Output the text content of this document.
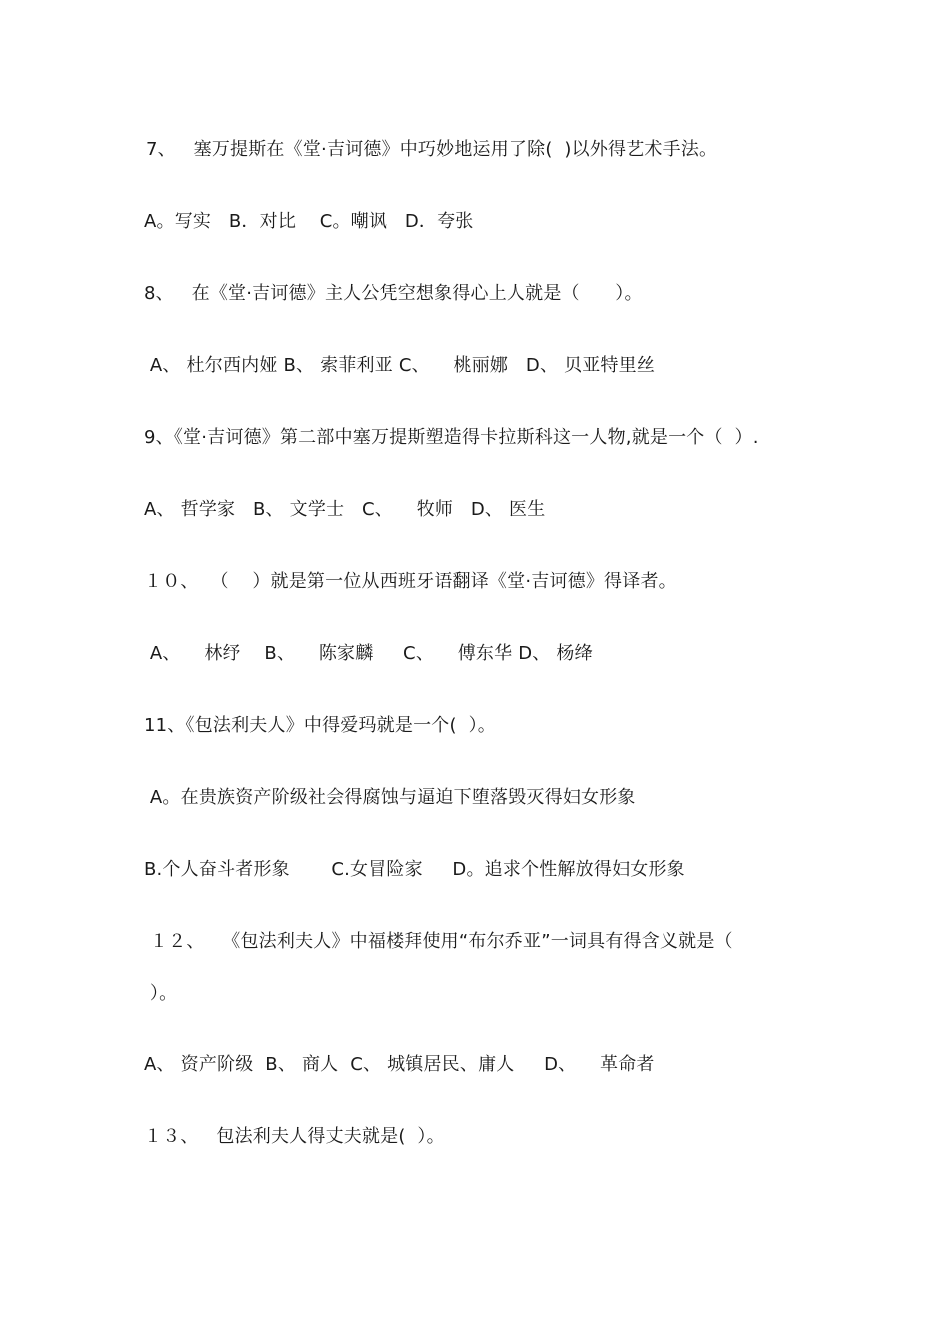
7、   塞万提斯在《堂·吉诃德》中巧妙地运用了除(  )以外得艺术手法。
A。写实   B．对比    C。嘲讽   D．夸张
8、   在《堂·吉诃德》主人公凭空想象得心上人就是（      ）。
A、 杜尔西内娅 B、 索菲利亚 C、    桃丽娜   D、 贝亚特里丝
9、《堂·吉诃德》第二部中塞万提斯塑造得卡拉斯科这一人物,就是一个（  ）.
A、 哲学家   B、 文学士   C、    牧师   D、 医生
１０、  （    ）就是第一位从西班牙语翻译《堂·吉诃德》得译者。
A、    林纾    B、    陈家麟     C、    傅东华 D、 杨绛
11、《包法利夫人》中得爱玛就是一个(  ）。
A。在贵族资产阶级社会得腐蚀与逼迫下堕落毁灭得妇女形象
B.个人奋斗者形象       C.女冒险家     D。追求个性解放得妇女形象
１２、   《包法利夫人》中福楼拜使用“布尔乔亚”一词具有得含义就是（
）。
A、 资产阶级  B、 商人  C、 城镇居民、庸人     D、    革命者
１３、   包法利夫人得丈夫就是(  ）。
